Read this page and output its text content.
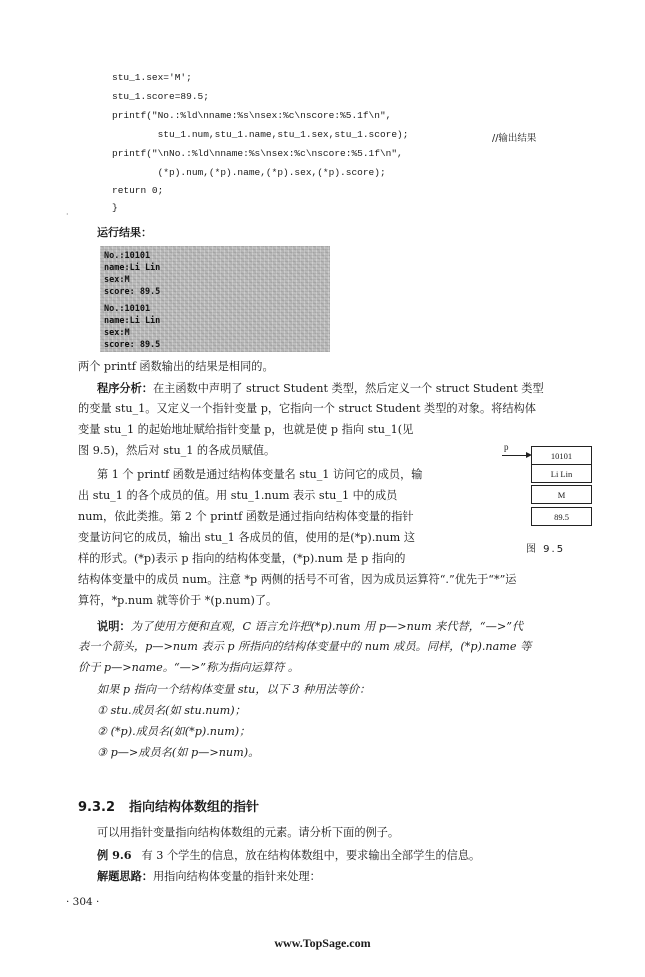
stu_1.sex='M';
stu_1.score=89.5;
printf("No.:%ld\nname:%s\nsex:%c\nscore:%5.1f\n",
stu_1.num,stu_1.name,stu_1.sex,stu_1.score);	//输出结果
printf("\nNo.:%ld\nname:%s\nsex:%c\nscore:%5.1f\n",
(*p).num,(*p).name,(*p).sex,(*p).score);
return 0;
}
·
运行结果：
No.:10101
name:Li Lin
sex:M
score: 89.5
No.:10101
name:Li Lin
sex:M
score: 89.5
两个 printf 函数输出的结果是相同的。
程序分析：在主函数中声明了 struct Student 类型，然后定义一个 struct Student 类型
的变量 stu_1。又定义一个指针变量 p，它指向一个 struct Student 类型的对象。将结构体
变量 stu_1 的起始地址赋给指针变量 p，也就是使 p 指向 stu_1(见
图 9.5)，然后对 stu_1 的各成员赋值。
第 1 个 printf 函数是通过结构体变量名 stu_1 访问它的成员，输
出 stu_1 的各个成员的值。用 stu_1.num 表示 stu_1 中的成员
num，依此类推。第 2 个 printf 函数是通过指向结构体变量的指针
变量访问它的成员，输出 stu_1 各成员的值，使用的是(*p).num 这
样的形式。(*p)表示 p 指向的结构体变量，(*p).num 是 p 指向的
结构体变量中的成员 num。注意 *p 两侧的括号不可省，因为成员运算符“.”优先于“*”运
算符，*p.num 就等价于 *(p.num)了。
说明：为了使用方便和直观，C 语言允许把(*p).num 用 p—>num 来代替，“—>”代
表一个箭头，p—>num 表示 p 所指向的结构体变量中的 num 成员。同样，(*p).name 等
价于 p—>name。“—>”称为指向运算符 。
如果 p 指向一个结构体变量 stu，以下 3 种用法等价：
① stu.成员名(如 stu.num)；
② (*p).成员名(如(*p).num)；
③ p—>成员名(如 p—>num)。
9.3.2 指向结构体数组的指针
可以用指针变量指向结构体数组的元素。请分析下面的例子。
例 9.6 有 3 个学生的信息，放在结构体数组中，要求输出全部学生的信息。
解题思路：用指向结构体变量的指针来处理：
p
10101
Li Lin
M
89.5
图 9.5
· 304 ·
www.TopSage.com
